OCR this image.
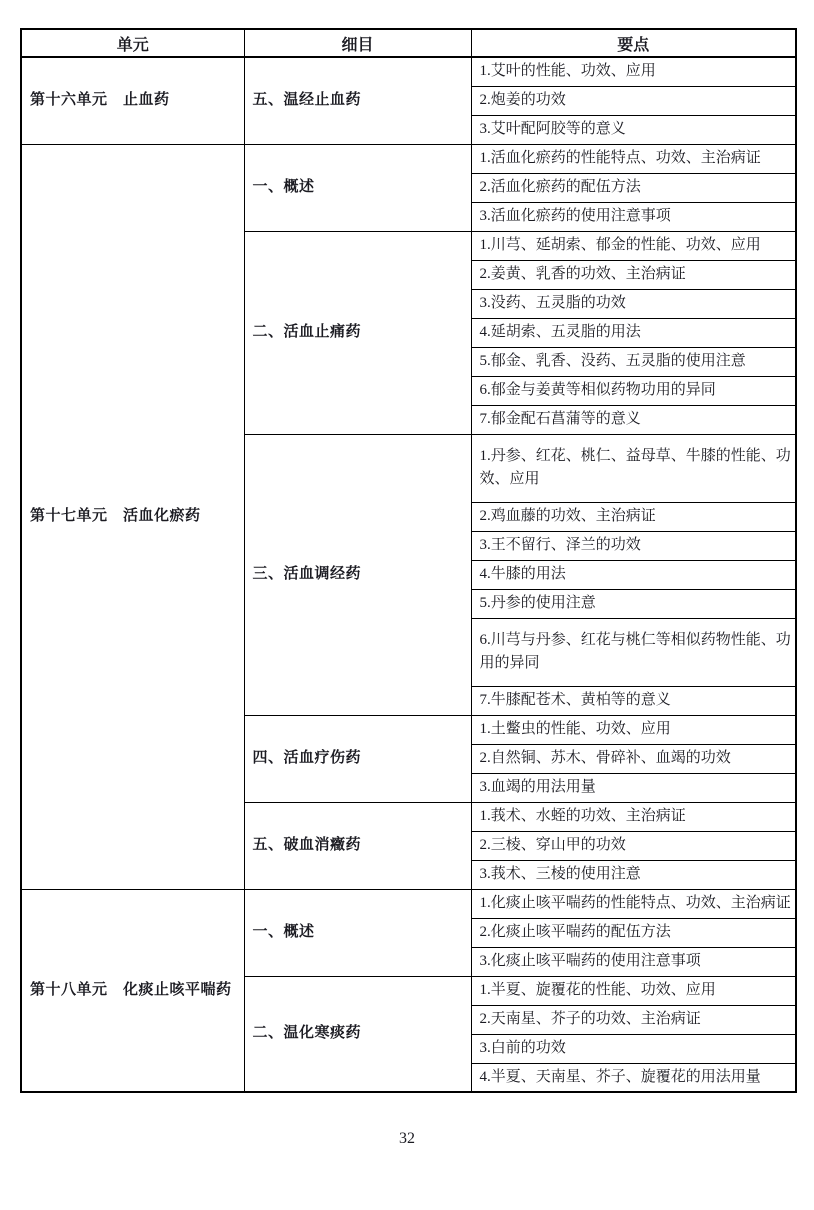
单元	细目	要点
第十六单元　止血药	五、温经止血药	1.艾叶的性能、功效、应用
		2.炮姜的功效
		3.艾叶配阿胶等的意义
第十七单元　活血化瘀药	一、概述	1.活血化瘀药的性能特点、功效、主治病证
		2.活血化瘀药的配伍方法
		3.活血化瘀药的使用注意事项
	二、活血止痛药	1.川芎、延胡索、郁金的性能、功效、应用
		2.姜黄、乳香的功效、主治病证
		3.没药、五灵脂的功效
		4.延胡索、五灵脂的用法
		5.郁金、乳香、没药、五灵脂的使用注意
		6.郁金与姜黄等相似药物功用的异同
		7.郁金配石菖蒲等的意义
	三、活血调经药	1.丹参、红花、桃仁、益母草、牛膝的性能、功效、应用
		2.鸡血藤的功效、主治病证
		3.王不留行、泽兰的功效
		4.牛膝的用法
		5.丹参的使用注意
		6.川芎与丹参、红花与桃仁等相似药物性能、功用的异同
		7.牛膝配苍术、黄柏等的意义
	四、活血疗伤药	1.土鳖虫的性能、功效、应用
		2.自然铜、苏木、骨碎补、血竭的功效
		3.血竭的用法用量
	五、破血消癥药	1.莪术、水蛭的功效、主治病证
		2.三棱、穿山甲的功效
		3.莪术、三棱的使用注意
第十八单元　化痰止咳平喘药	一、概述	1.化痰止咳平喘药的性能特点、功效、主治病证
		2.化痰止咳平喘药的配伍方法
		3.化痰止咳平喘药的使用注意事项
	二、温化寒痰药	1.半夏、旋覆花的性能、功效、应用
		2.天南星、芥子的功效、主治病证
		3.白前的功效
		4.半夏、天南星、芥子、旋覆花的用法用量
32
